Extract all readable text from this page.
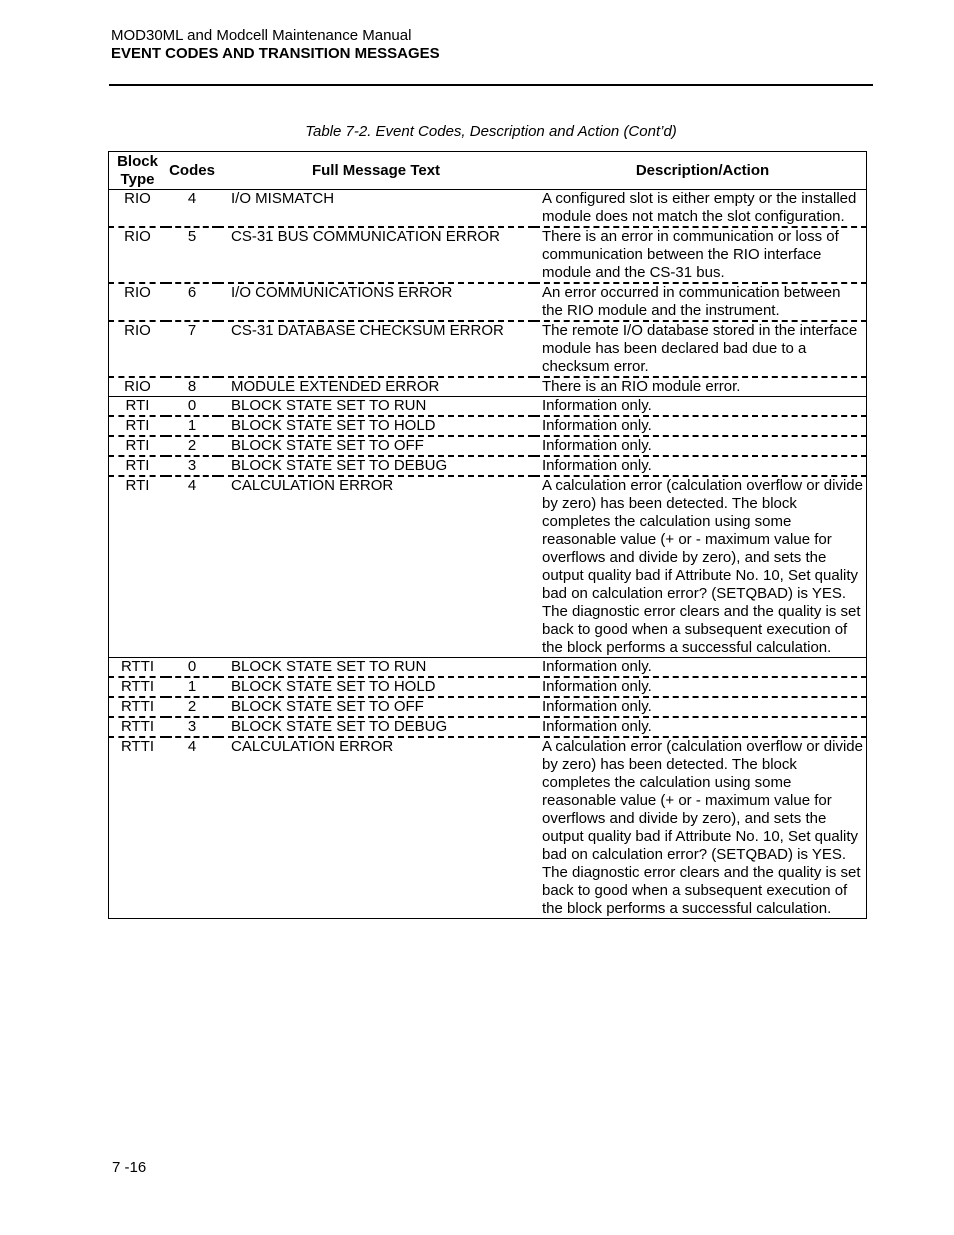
MOD30ML and Modcell Maintenance Manual
EVENT CODES AND TRANSITION MESSAGES
Table 7-2. Event Codes, Description and Action (Cont’d)
Block
Type	Codes	Full Message Text	Description/Action
RIO	4	I/O MISMATCH	A configured slot is either empty or the installed module does not match the slot configuration.
RIO	5	CS-31 BUS COMMUNICATION ERROR	There is an error in communication or loss of communication between the RIO interface module and the CS-31 bus.
RIO	6	I/O COMMUNICATIONS ERROR	An error occurred in communication between the RIO module and the instrument.
RIO	7	CS-31 DATABASE CHECKSUM ERROR	The remote I/O database stored in the interface module has been declared bad due to a checksum error.
RIO	8	MODULE EXTENDED ERROR	There is an RIO module error.
RTI	0	BLOCK STATE SET TO RUN	Information only.
RTI	1	BLOCK STATE SET TO HOLD	Information only.
RTI	2	BLOCK STATE SET TO OFF	Information only.
RTI	3	BLOCK STATE SET TO DEBUG	Information only.
RTI	4	CALCULATION ERROR	A calculation error (calculation overflow or divide by zero) has been detected. The block completes the calculation using some reasonable value (+ or - maximum value for overflows and divide by zero), and sets the output quality bad if Attribute No. 10, Set quality bad on calculation error? (SETQBAD) is YES. The diagnostic error clears and the quality is set back to good when a subsequent execution of the block performs a successful calculation.
RTTI	0	BLOCK STATE SET TO RUN	Information only.
RTTI	1	BLOCK STATE SET TO HOLD	Information only.
RTTI	2	BLOCK STATE SET TO OFF	Information only.
RTTI	3	BLOCK STATE SET TO DEBUG	Information only.
RTTI	4	CALCULATION ERROR	A calculation error (calculation overflow or divide by zero) has been detected. The block completes the calculation using some reasonable value (+ or - maximum value for overflows and divide by zero), and sets the output quality bad if Attribute No. 10, Set quality bad on calculation error? (SETQBAD) is YES. The diagnostic error clears and the quality is set back to good when a subsequent execution of the block performs a successful calculation.
7 -16
